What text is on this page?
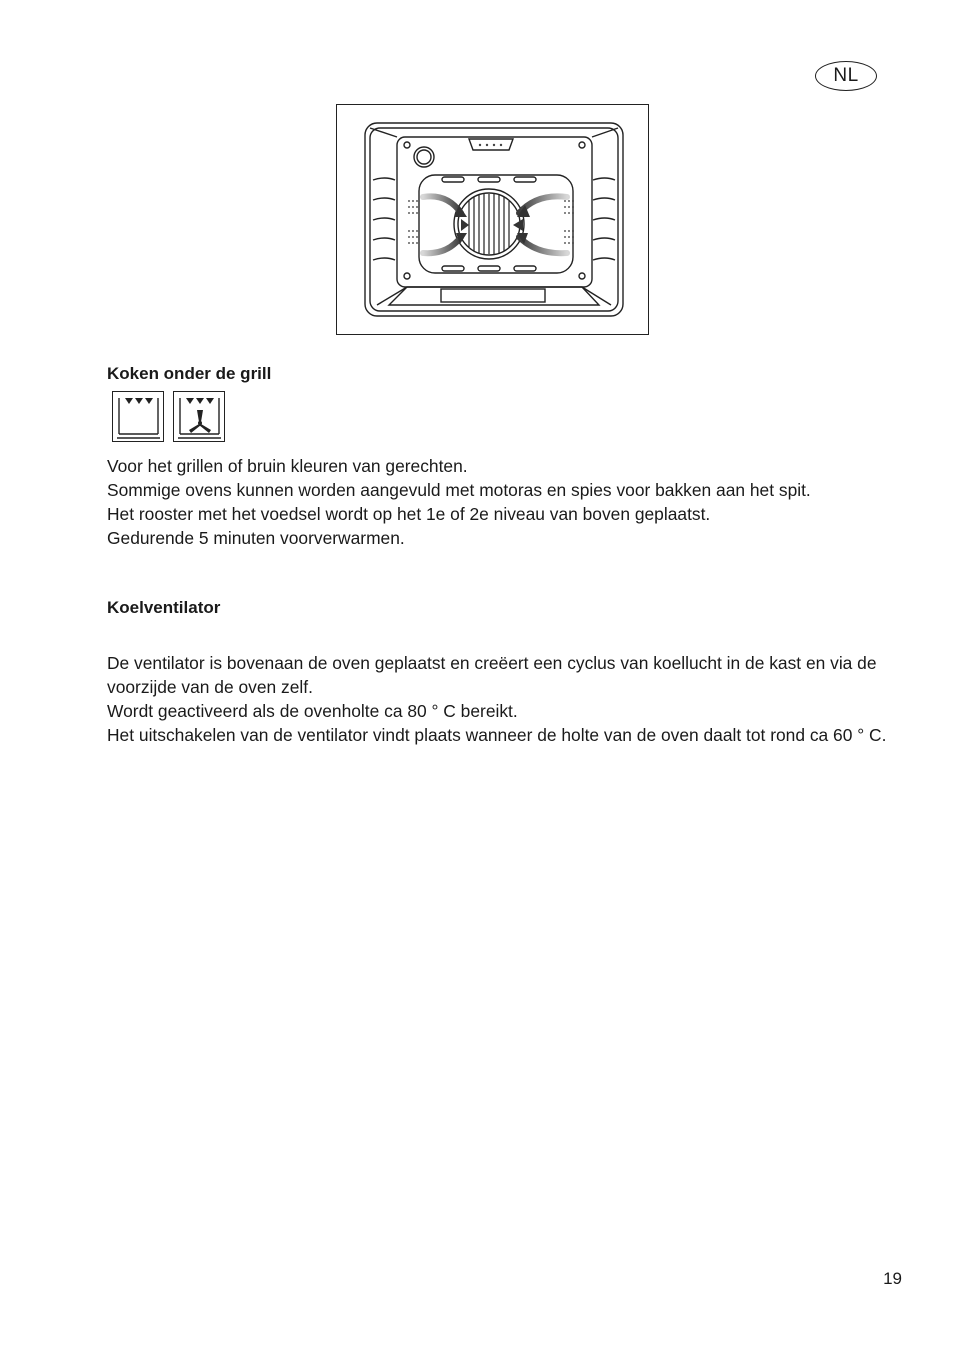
NL
Koken onder de grill

Voor het grillen of bruin kleuren van gerechten.

Sommige ovens kunnen worden aangevuld met motoras en spies voor bakken aan het spit.

Het rooster met het voedsel wordt op het 1e of 2e niveau van boven geplaatst.

Gedurende 5 minuten voorverwarmen.

Koelventilator

De ventilator is bovenaan de oven geplaatst en creëert een cyclus van koellucht in de kast en via de voorzijde van de oven zelf.

Wordt geactiveerd als de ovenholte ca 80 ° C bereikt.

Het uitschakelen van de ventilator vindt plaats wanneer de holte van de oven daalt tot rond ca 60 ° C.

19
